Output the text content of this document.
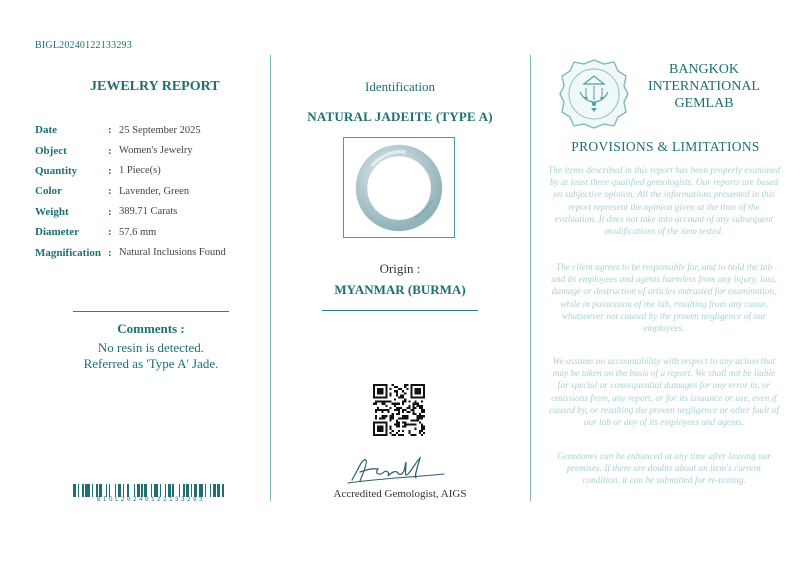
BIGL20240122133293
JEWELRY REPORT
Date	: 25 September 2025
Object	: Women's Jewelry
Quantity	: 1 Piece(s)
Color	: Lavender, Green
Weight	: 389.71 Carats
Diameter	: 57.6 mm
Magnification : Natural Inclusions Found
Comments :
No resin is detected.
Referred as 'Type A' Jade.
BIGL20240122133293
Identification
NATURAL JADEITE (TYPE A)
Origin :
MYANMAR (BURMA)
Hashen A.
Accredited Gemologist, AIGS
BANGKOK
INTERNATIONAL
GEMLAB
PROVISIONS & LIMITATIONS
The items described in this report has been properly examined by at least three qualified gemologists. Our reports are based on subjective opinion. All the informations presented in this report represent the opinion given at the time of the evaluation. It does not take into account of any subsequent modifications of the item tested.
The client agrees to be responsible for, and to hold the lab and its employees and agents harmless from any injury, loss, damage or destruction of articles entrusted for examination, while in possession of the lab, resulting from any cause, whatsoever not caused by the proven negligence of our employees.
We assume no accountability with respect to any action that may be taken on the basis of a report. We shall not be liable for special or consequential damages for any error in, or omissions from, any report, or for its issuance or use, even if caused by, or resulting the proven negligence or other fault of our lab or any of its employees and agents.
Gemstones can be enhanced at any time after leaving our premises. If there are doubts about an item's current condition, it can be submitted for re-testing.
